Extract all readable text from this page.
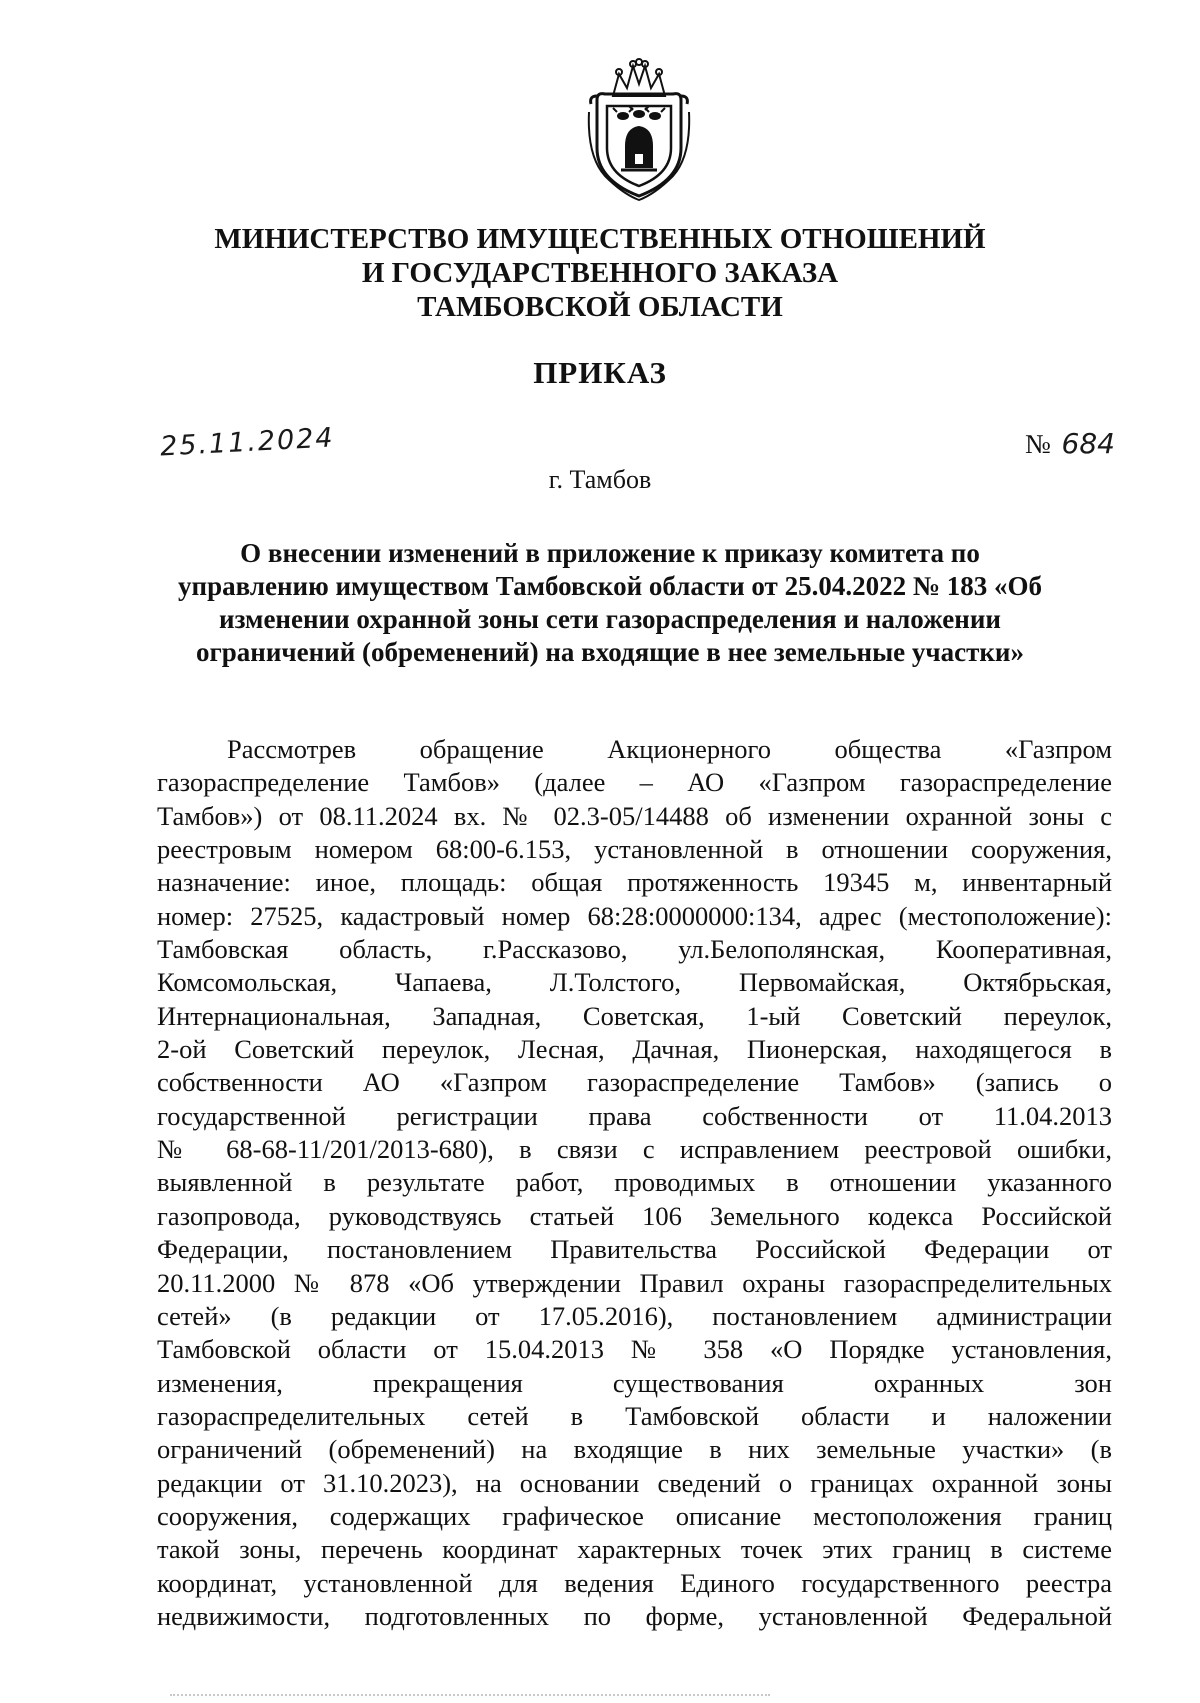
МИНИСТЕРСТВО ИМУЩЕСТВЕННЫХ ОТНОШЕНИЙ
И ГОСУДАРСТВЕННОГО ЗАКАЗА
ТАМБОВСКОЙ ОБЛАСТИ
ПРИКАЗ
25.11.2024	№ 684
г. Тамбов
О внесении изменений в приложение к приказу комитета по
управлению имуществом Тамбовской области от 25.04.2022 № 183 «Об
изменении охранной зоны сети газораспределения и наложении
ограничений (обременений) на входящие в нее земельные участки»
Рассмотрев обращение Акционерного общества «Газпром
газораспределение Тамбов» (далее – АО «Газпром газораспределение
Тамбов») от 08.11.2024 вх. № 02.3-05/14488 об изменении охранной зоны с
реестровым номером 68:00-6.153, установленной в отношении сооружения,
назначение: иное, площадь: общая протяженность 19345 м, инвентарный
номер: 27525, кадастровый номер 68:28:0000000:134, адрес (местоположение):
Тамбовская область, г.Рассказово, ул.Белополянская, Кооперативная,
Комсомольская, Чапаева, Л.Толстого, Первомайская, Октябрьская,
Интернациональная, Западная, Советская, 1-ый Советский переулок,
2-ой Советский переулок, Лесная, Дачная, Пионерская, находящегося в
собственности АО «Газпром газораспределение Тамбов» (запись о
государственной регистрации права собственности от 11.04.2013
№ 68-68-11/201/2013-680), в связи с исправлением реестровой ошибки,
выявленной в результате работ, проводимых в отношении указанного
газопровода, руководствуясь статьей 106 Земельного кодекса Российской
Федерации, постановлением Правительства Российской Федерации от
20.11.2000 № 878 «Об утверждении Правил охраны газораспределительных
сетей» (в редакции от 17.05.2016), постановлением администрации
Тамбовской области от 15.04.2013 № 358 «О Порядке установления,
изменения, прекращения существования охранных зон
газораспределительных сетей в Тамбовской области и наложении
ограничений (обременений) на входящие в них земельные участки» (в
редакции от 31.10.2023), на основании сведений о границах охранной зоны
сооружения, содержащих графическое описание местоположения границ
такой зоны, перечень координат характерных точек этих границ в системе
координат, установленной для ведения Единого государственного реестра
недвижимости, подготовленных по форме, установленной Федеральной
